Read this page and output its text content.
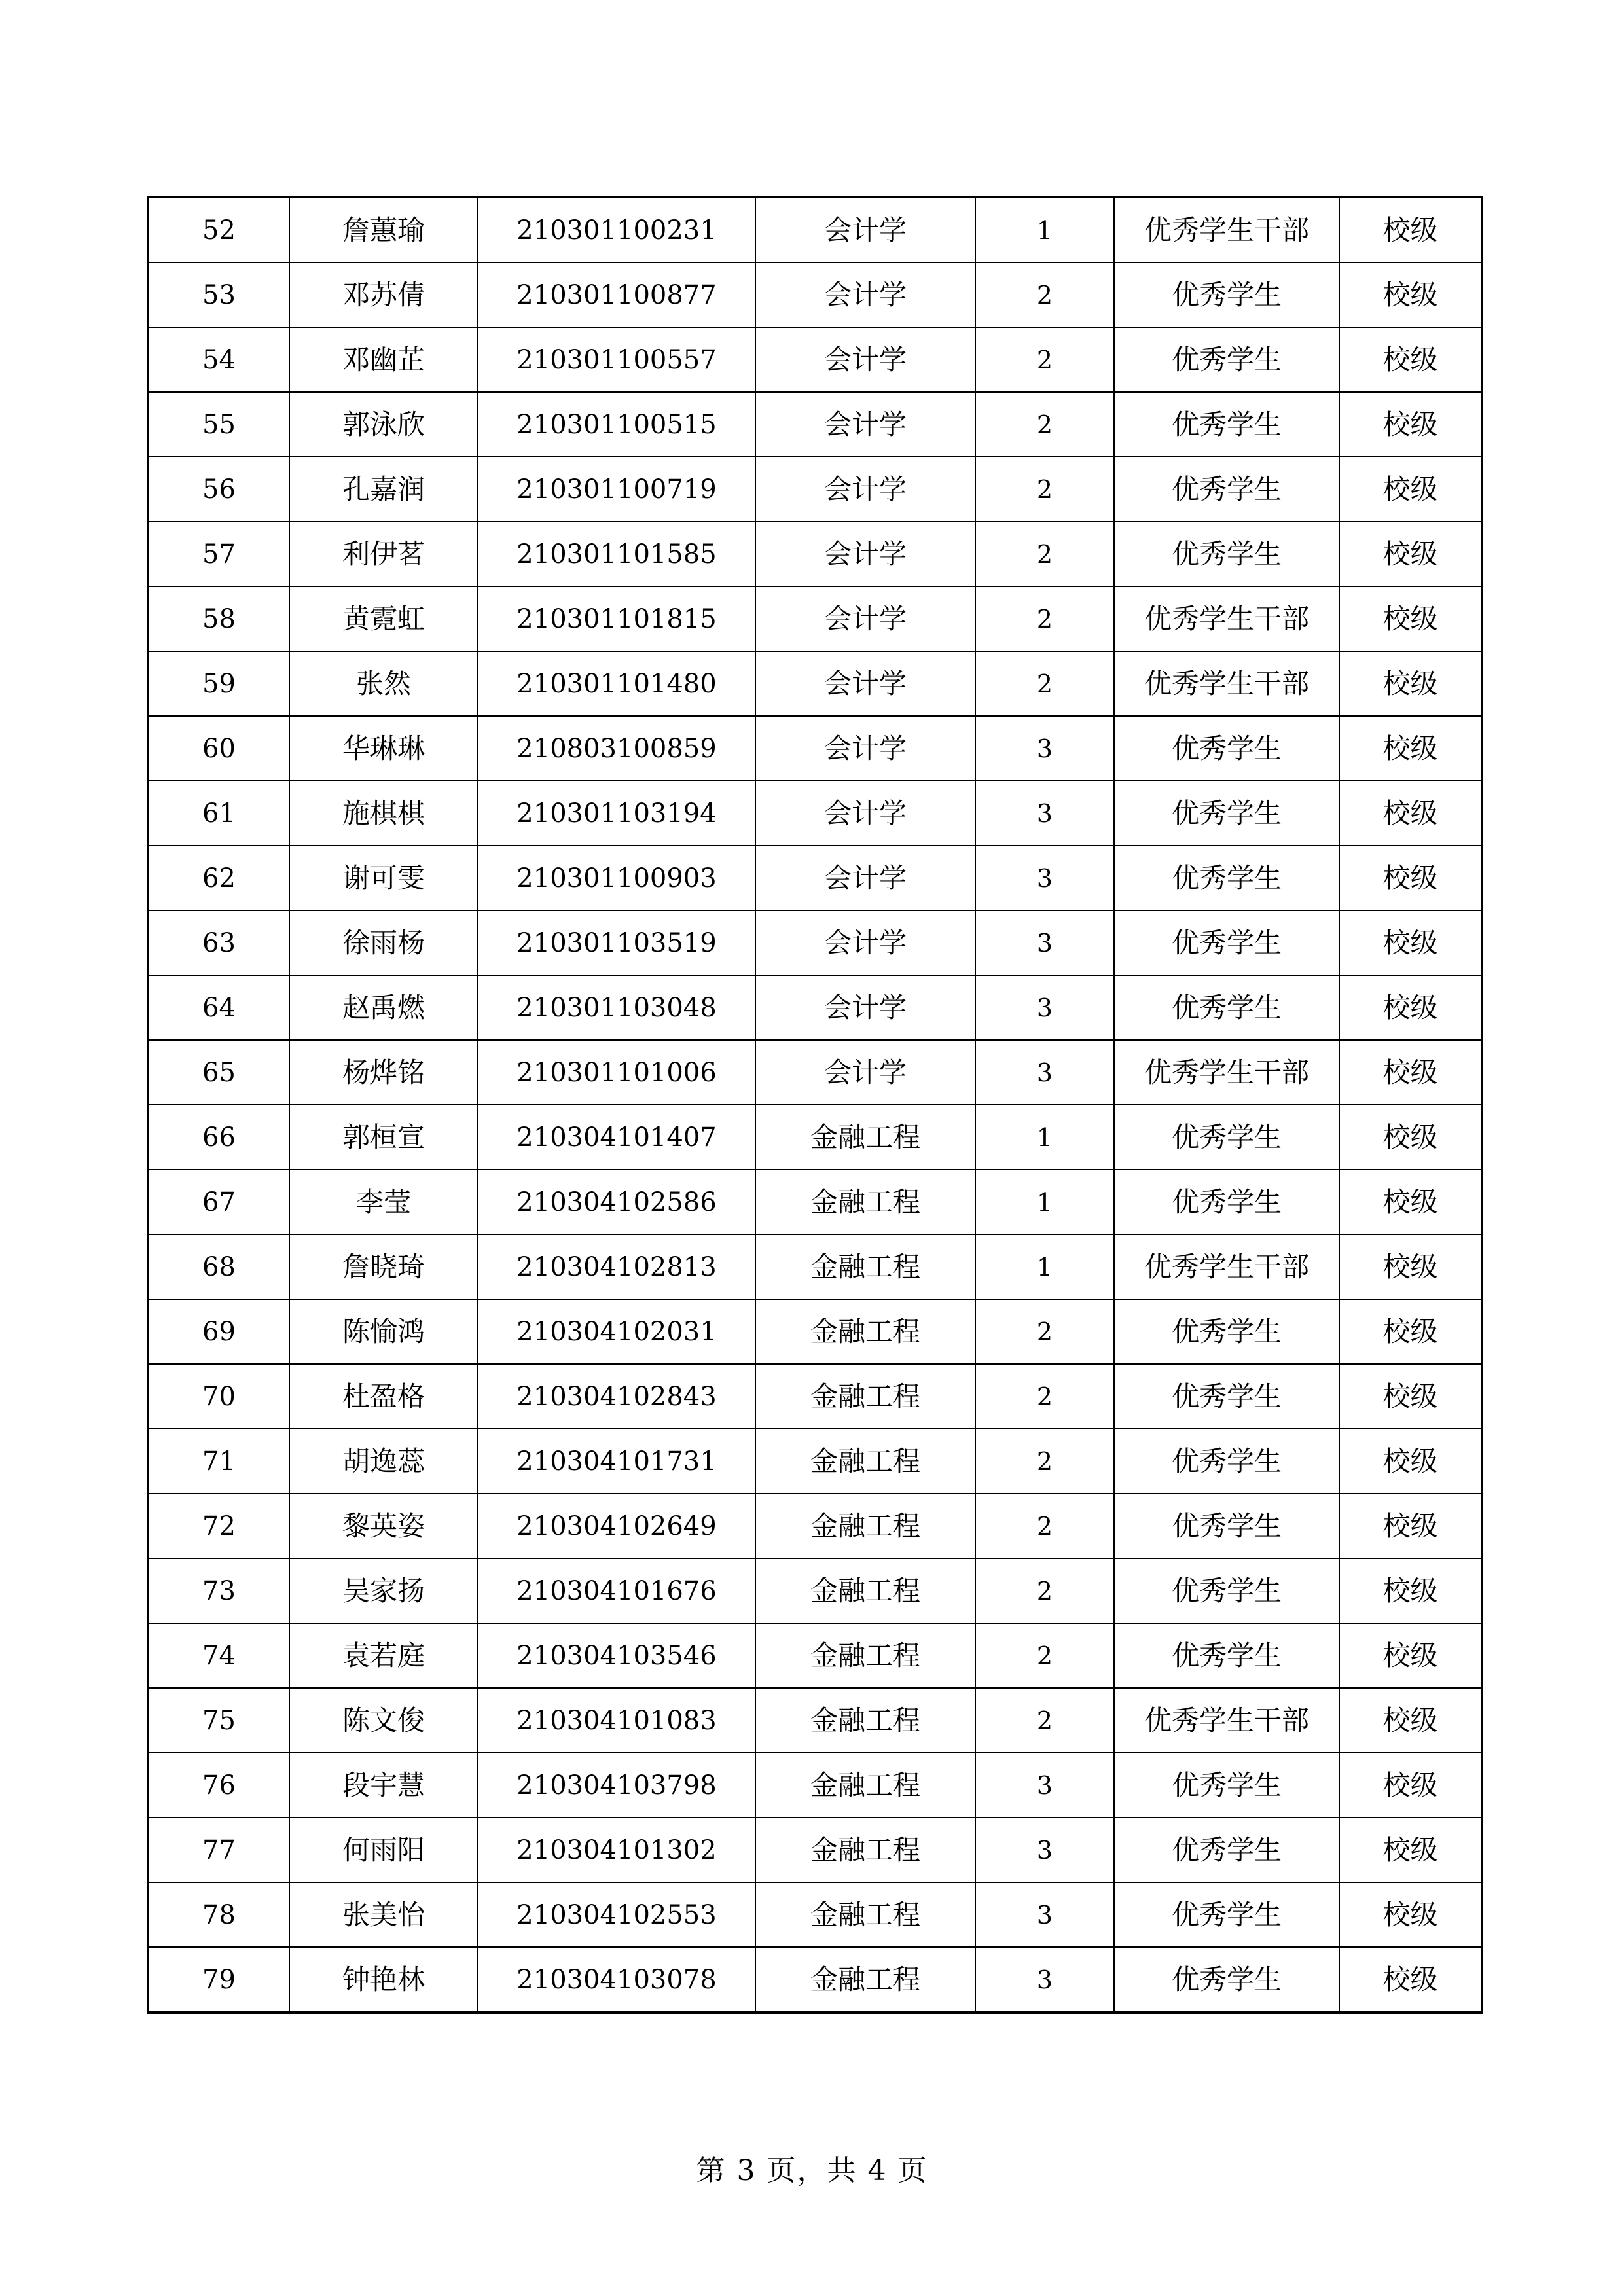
52	詹蕙瑜	210301100231	会计学	1	优秀学生干部	校级
53	邓苏倩	210301100877	会计学	2	优秀学生	校级
54	邓幽芷	210301100557	会计学	2	优秀学生	校级
55	郭泳欣	210301100515	会计学	2	优秀学生	校级
56	孔嘉润	210301100719	会计学	2	优秀学生	校级
57	利伊茗	210301101585	会计学	2	优秀学生	校级
58	黄霓虹	210301101815	会计学	2	优秀学生干部	校级
59	张然	210301101480	会计学	2	优秀学生干部	校级
60	华琳琳	210803100859	会计学	3	优秀学生	校级
61	施棋棋	210301103194	会计学	3	优秀学生	校级
62	谢可雯	210301100903	会计学	3	优秀学生	校级
63	徐雨杨	210301103519	会计学	3	优秀学生	校级
64	赵禹燃	210301103048	会计学	3	优秀学生	校级
65	杨烨铭	210301101006	会计学	3	优秀学生干部	校级
66	郭桓宣	210304101407	金融工程	1	优秀学生	校级
67	李莹	210304102586	金融工程	1	优秀学生	校级
68	詹晓琦	210304102813	金融工程	1	优秀学生干部	校级
69	陈愉鸿	210304102031	金融工程	2	优秀学生	校级
70	杜盈格	210304102843	金融工程	2	优秀学生	校级
71	胡逸蕊	210304101731	金融工程	2	优秀学生	校级
72	黎英姿	210304102649	金融工程	2	优秀学生	校级
73	吴家扬	210304101676	金融工程	2	优秀学生	校级
74	袁若庭	210304103546	金融工程	2	优秀学生	校级
75	陈文俊	210304101083	金融工程	2	优秀学生干部	校级
76	段宇慧	210304103798	金融工程	3	优秀学生	校级
77	何雨阳	210304101302	金融工程	3	优秀学生	校级
78	张美怡	210304102553	金融工程	3	优秀学生	校级
79	钟艳林	210304103078	金融工程	3	优秀学生	校级
第 3 页，共 4 页
